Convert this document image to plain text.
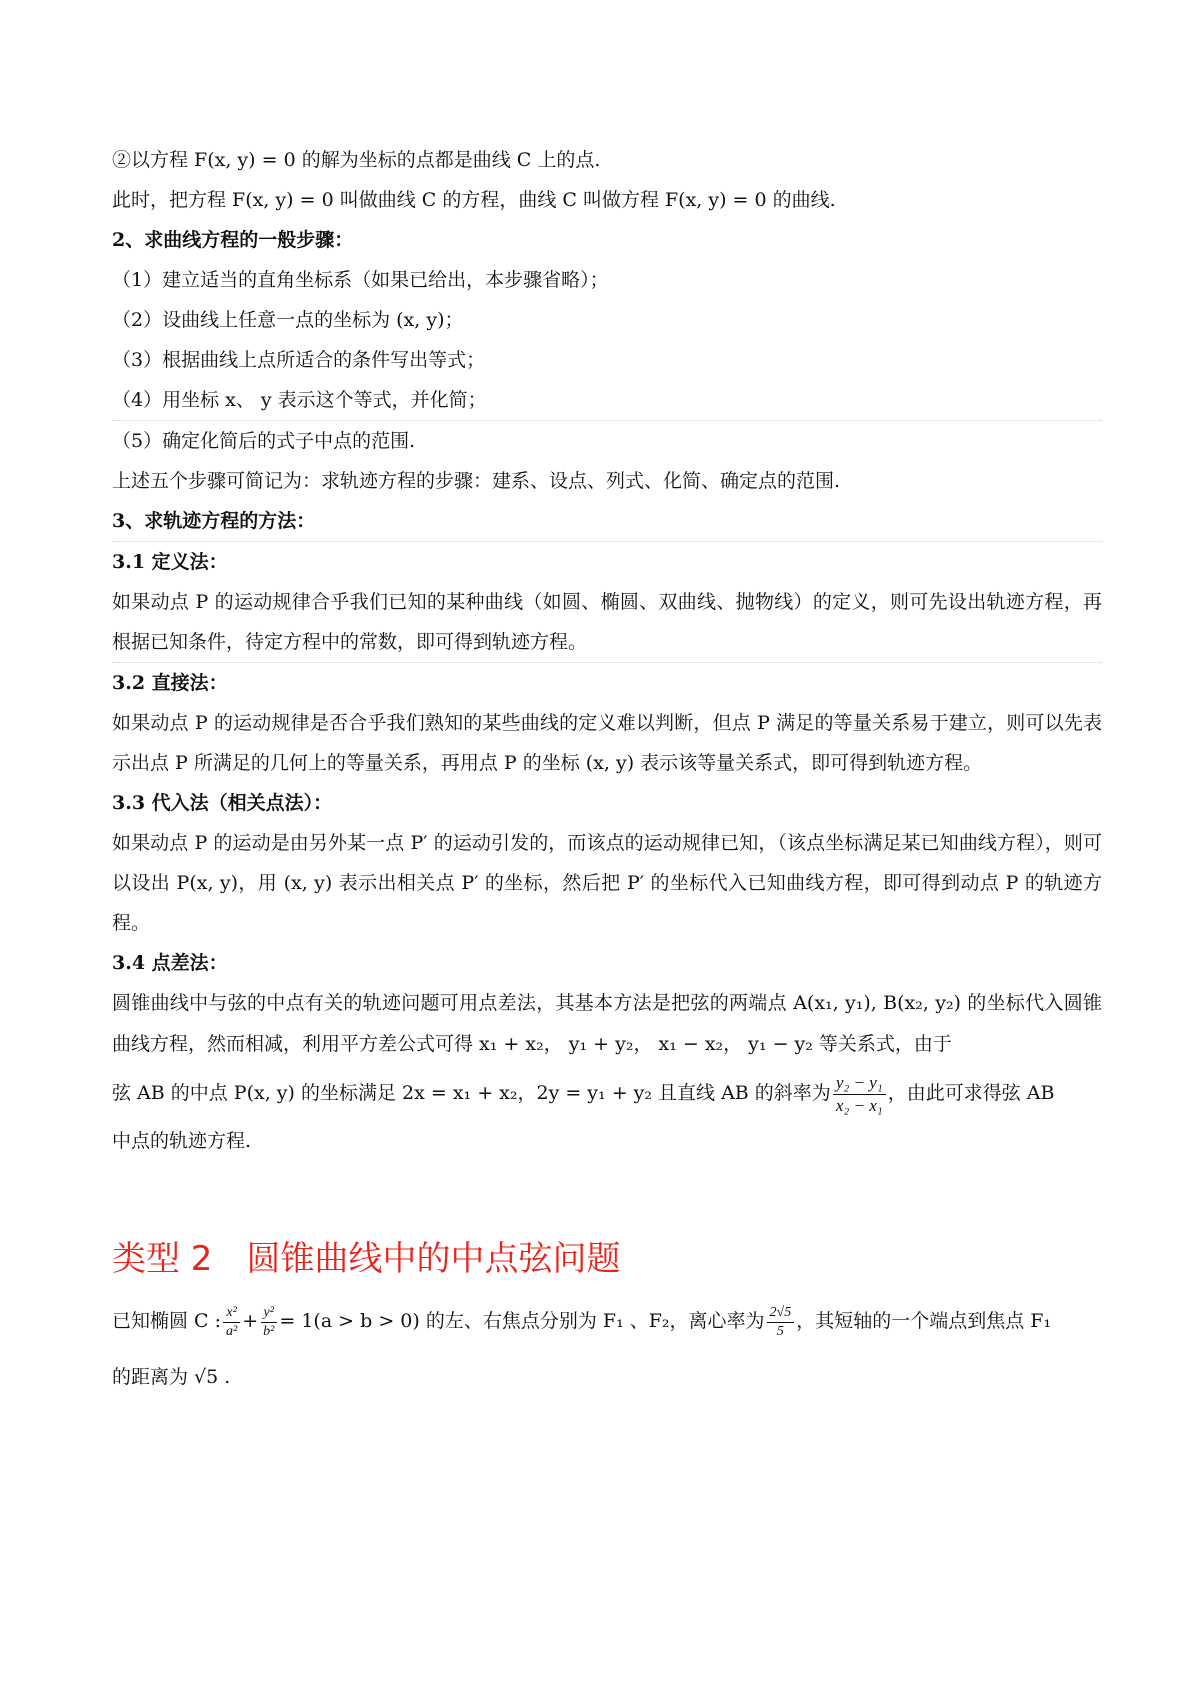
②以方程 F(x, y) = 0 的解为坐标的点都是曲线 C 上的点.

此时，把方程 F(x, y) = 0 叫做曲线 C 的方程，曲线 C 叫做方程 F(x, y) = 0 的曲线.

2、求曲线方程的一般步骤：

（1）建立适当的直角坐标系（如果已给出，本步骤省略）；

（2）设曲线上任意一点的坐标为 (x, y)；

（3）根据曲线上点所适合的条件写出等式；

（4）用坐标 x、 y 表示这个等式，并化简；

（5）确定化简后的式子中点的范围.

上述五个步骤可简记为：求轨迹方程的步骤：建系、设点、列式、化简、确定点的范围.

3、求轨迹方程的方法：

3.1 定义法：

如果动点 P 的运动规律合乎我们已知的某种曲线（如圆、椭圆、双曲线、抛物线）的定义，则可先设出轨迹方程，再根据已知条件，待定方程中的常数，即可得到轨迹方程。

3.2 直接法：

如果动点 P 的运动规律是否合乎我们熟知的某些曲线的定义难以判断，但点 P 满足的等量关系易于建立，则可以先表示出点 P 所满足的几何上的等量关系，再用点 P 的坐标 (x, y) 表示该等量关系式，即可得到轨迹方程。

3.3 代入法（相关点法）：

如果动点 P 的运动是由另外某一点 P′ 的运动引发的，而该点的运动规律已知，（该点坐标满足某已知曲线方程），则可以设出 P(x, y)，用 (x, y) 表示出相关点 P′ 的坐标，然后把 P′ 的坐标代入已知曲线方程，即可得到动点 P 的轨迹方程。

3.4 点差法：

圆锥曲线中与弦的中点有关的轨迹问题可用点差法，其基本方法是把弦的两端点 A(x₁, y₁), B(x₂, y₂) 的坐标代入圆锥曲线方程，然而相减，利用平方差公式可得 x₁ + x₂， y₁ + y₂， x₁ − x₂， y₁ − y₂ 等关系式，由于

弦 AB 的中点 P(x, y) 的坐标满足 2x = x₁ + x₂，2y = y₁ + y₂ 且直线 AB 的斜率为 $\frac{\text{y₂ − y₁}}{\text{x₂ − x₁}}$ ，由此可求得弦 AB

中点的轨迹方程.

类型 2　圆锥曲线中的中点弦问题

已知椭圆 C : $\frac{\text{x²}}{\text{a²}} + \frac{\text{y²}}{\text{b²}} = 1(a > b > 0)$ 的左、右焦点分别为 F₁ 、F₂，离心率为 $\frac{2√5}{5}$ ，其短轴的一个端点到焦点 F₁

的距离为 √5 .
